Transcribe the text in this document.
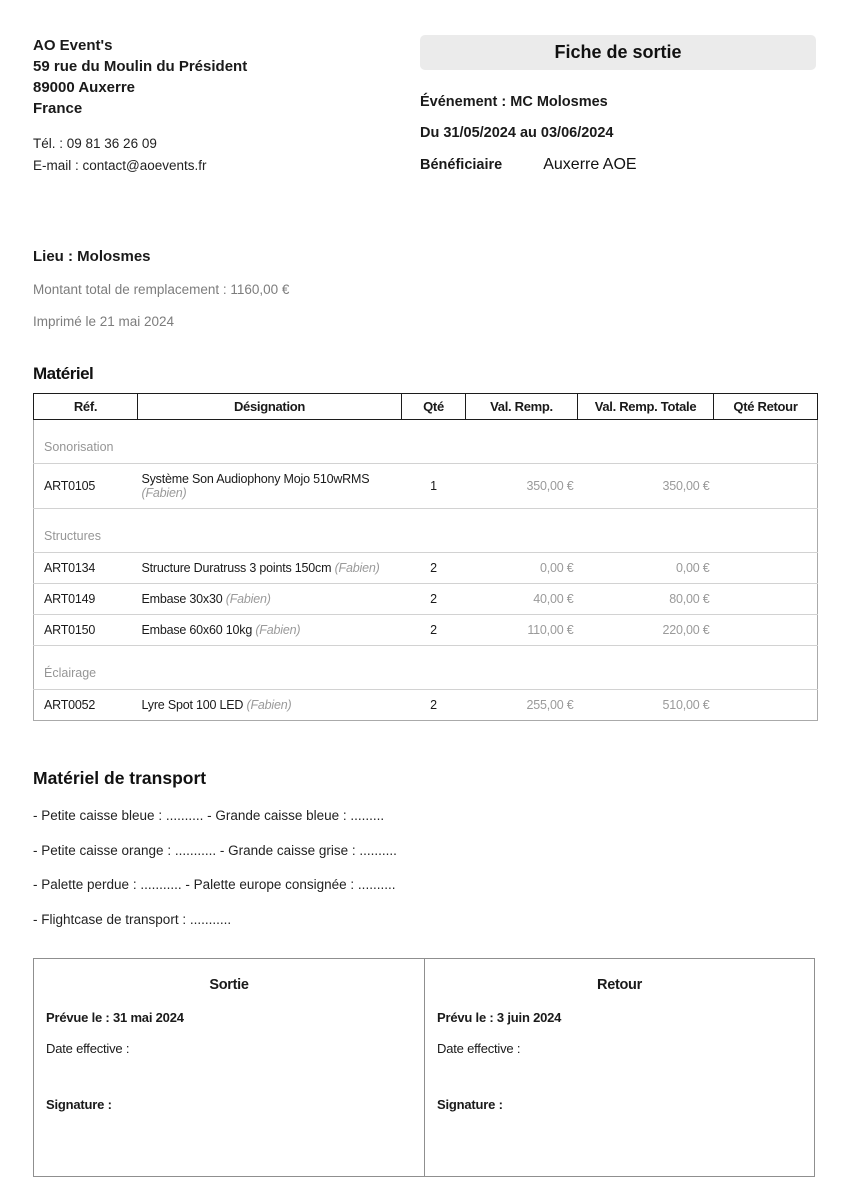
AO Event's
59 rue du Moulin du Président
89000 Auxerre
France
Tél. : 09 81 36 26 09
E-mail : contact@aoevents.fr
Fiche de sortie
Événement : MC Molosmes
Du 31/05/2024 au 03/06/2024
Bénéficiaire	Auxerre AOE
Lieu : Molosmes
Montant total de remplacement : 1160,00 €
Imprimé le 21 mai 2024
Matériel
Réf.	Désignation	Qté	Val. Remp.	Val. Remp. Totale	Qté Retour
Sonorisation					
ART0105	Système Son Audiophony Mojo 510wRMS (Fabien)	1	350,00 €	350,00 €	
Structures					
ART0134	Structure Duratruss 3 points 150cm (Fabien)	2	0,00 €	0,00 €	
ART0149	Embase 30x30 (Fabien)	2	40,00 €	80,00 €	
ART0150	Embase 60x60 10kg (Fabien)	2	110,00 €	220,00 €	
Éclairage					
ART0052	Lyre Spot 100 LED (Fabien)	2	255,00 €	510,00 €	
Matériel de transport
- Petite caisse bleue : .......... - Grande caisse bleue : .........
- Petite caisse orange : ........... - Grande caisse grise : ..........
- Palette perdue : ........... - Palette europe consignée : ..........
- Flightcase de transport : ...........
Sortie
Prévue le : 31 mai 2024
Date effective :
Signature :
Retour
Prévu le : 3 juin 2024
Date effective :
Signature :
